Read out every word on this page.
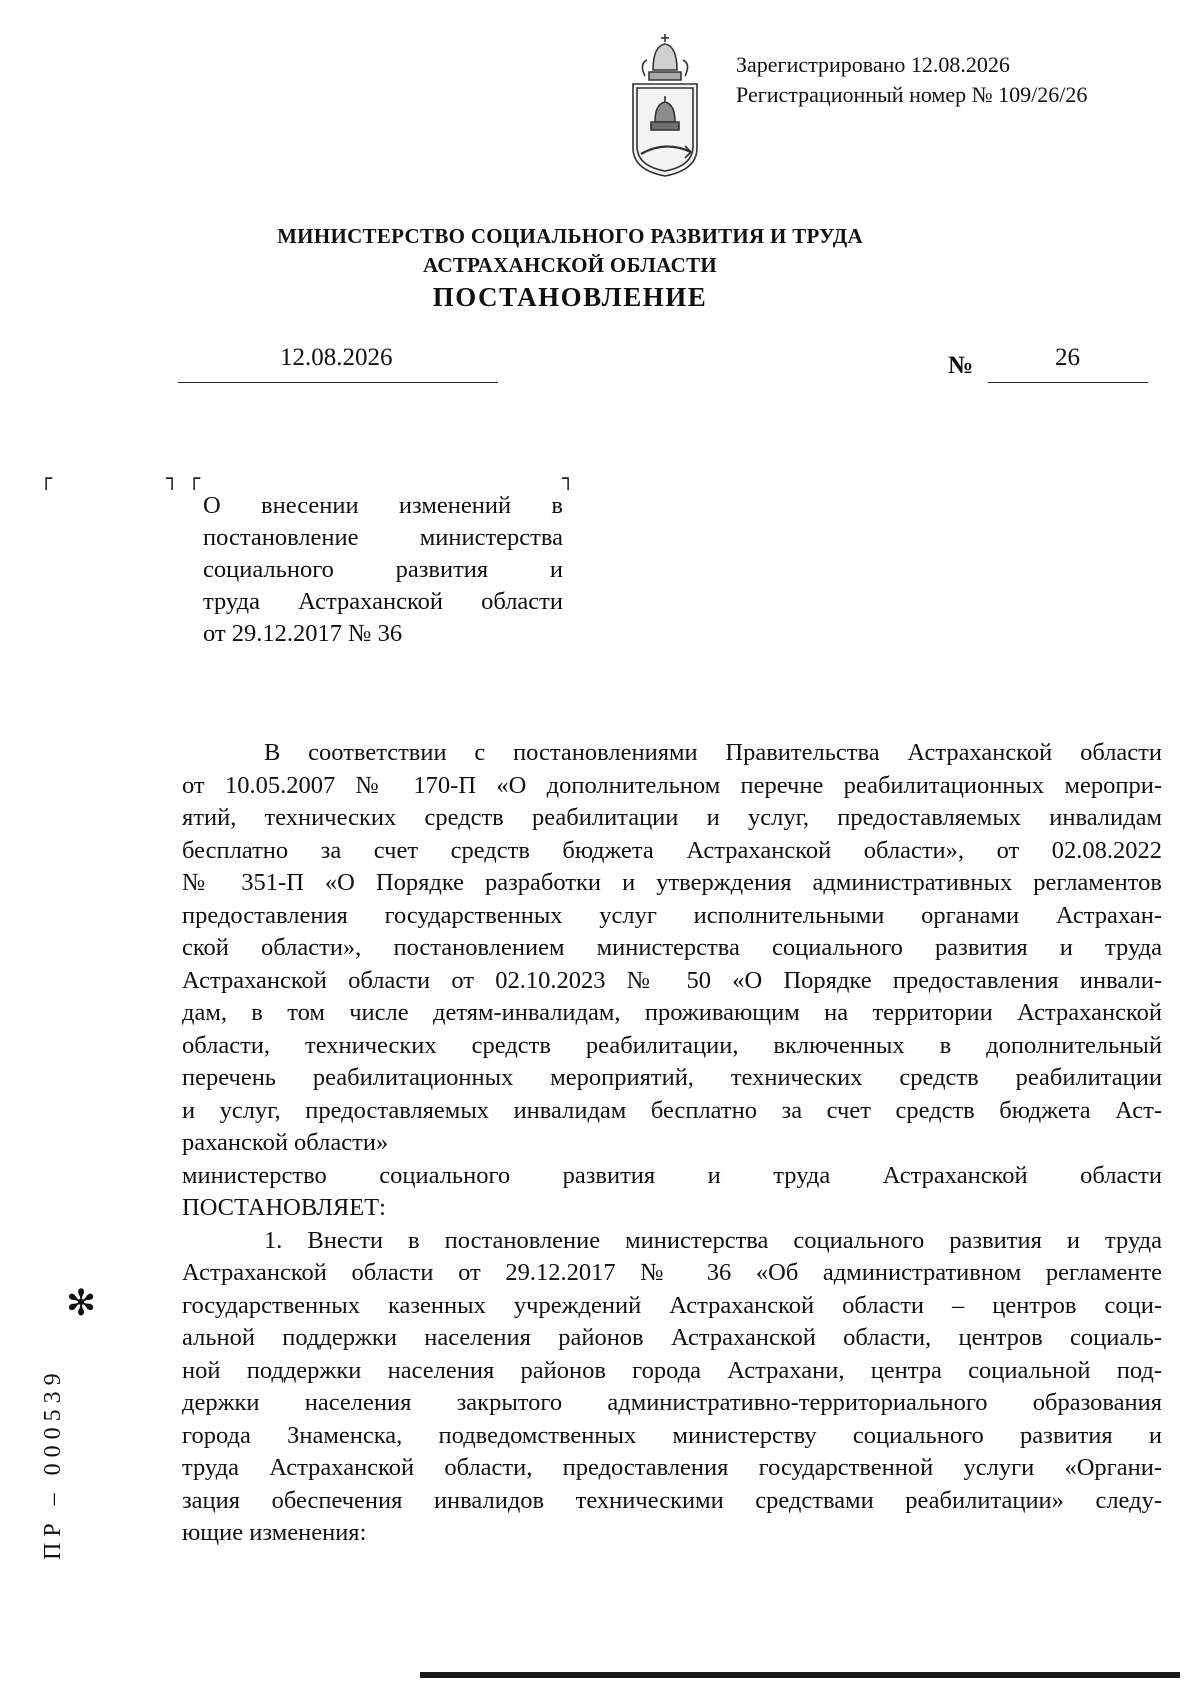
Зарегистрировано 12.08.2026
Регистрационный номер № 109/26/26
МИНИСТЕРСТВО СОЦИАЛЬНОГО РАЗВИТИЯ И ТРУДА
АСТРАХАНСКОЙ ОБЛАСТИ
ПОСТАНОВЛЕНИЕ
12.08.2026	№	26
┌	┐ ┌	┐
О внесении изменений в
постановление министерства
социального развития и
труда Астраханской области
от 29.12.2017 № 36
В соответствии с постановлениями Правительства Астраханской области
от 10.05.2007 № 170-П «О дополнительном перечне реабилитационных меропри-
ятий, технических средств реабилитации и услуг, предоставляемых инвалидам
бесплатно за счет средств бюджета Астраханской области», от 02.08.2022
№ 351-П «О Порядке разработки и утверждения административных регламентов
предоставления государственных услуг исполнительными органами Астрахан-
ской области», постановлением министерства социального развития и труда
Астраханской области от 02.10.2023 № 50 «О Порядке предоставления инвали-
дам, в том числе детям-инвалидам, проживающим на территории Астраханской
области, технических средств реабилитации, включенных в дополнительный
перечень реабилитационных мероприятий, технических средств реабилитации
и услуг, предоставляемых инвалидам бесплатно за счет средств бюджета Аст-
раханской области»
министерство социального развития и труда Астраханской области
ПОСТАНОВЛЯЕТ:
1. Внести в постановление министерства социального развития и труда
Астраханской области от 29.12.2017 № 36 «Об административном регламенте
государственных казенных учреждений Астраханской области – центров соци-
альной поддержки населения районов Астраханской области, центров социаль-
ной поддержки населения районов города Астрахани, центра социальной под-
держки населения закрытого административно-территориального образования
города Знаменска, подведомственных министерству социального развития и
труда Астраханской области, предоставления государственной услуги «Органи-
зация обеспечения инвалидов техническими средствами реабилитации» следу-
ющие изменения:
✻
ПР – 000539
